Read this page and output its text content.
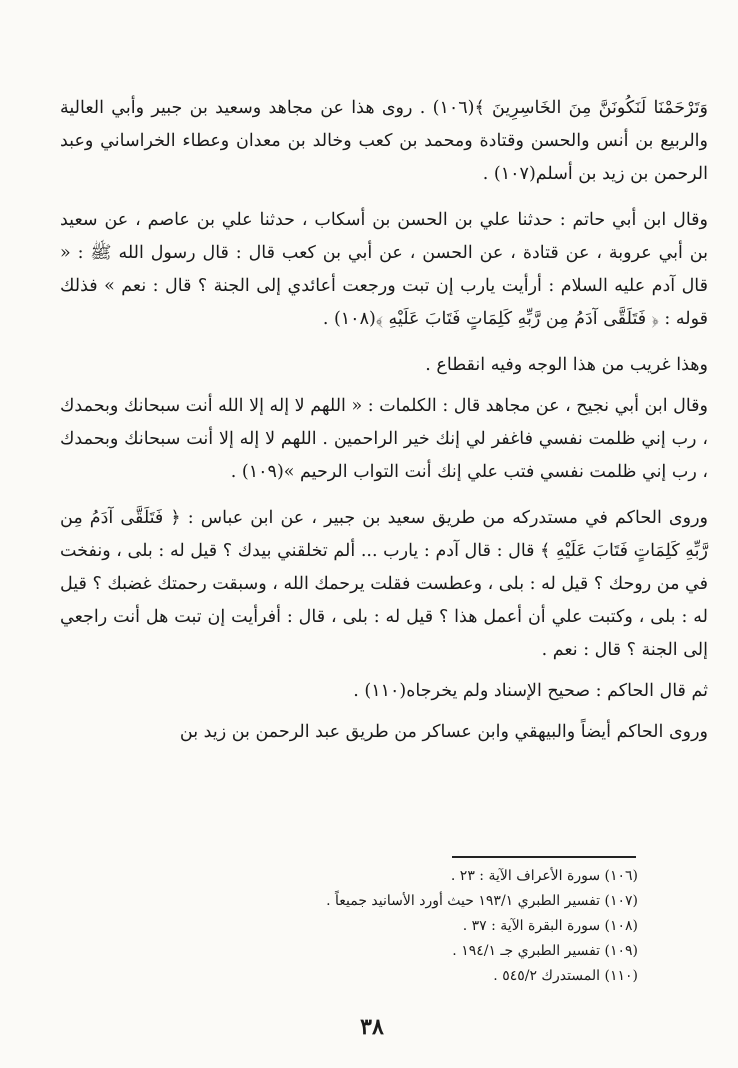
وَتَرْحَمْنَا لَنَكُونَنَّ مِنَ الخَاسِرِينَ ﴾(١٠٦) . روى هذا عن مجاهد وسعيد بن جبير وأبي العالية والربيع بن أنس والحسن وقتادة ومحمد بن كعب وخالد بن معدان وعطاء الخراساني وعبد الرحمن بن زيد بن أسلم(١٠٧) .

وقال ابن أبي حاتم : حدثنا علي بن الحسن بن أسكاب ، حدثنا علي بن عاصم ، عن سعيد بن أبي عروبة ، عن قتادة ، عن الحسن ، عن أبي بن كعب قال : قال رسول الله ﷺ : « قال آدم عليه السلام : أرأيت يارب إن تبت ورجعت أعائدي إلى الجنة ؟ قال : نعم » فذلك قوله : ﴿ فَتَلَقَّى آدَمُ مِن رَّبِّهِ كَلِمَاتٍ فَتَابَ عَلَيْهِ ﴾(١٠٨) .

وهذا غريب من هذا الوجه وفيه انقطاع .

وقال ابن أبي نجيح ، عن مجاهد قال : الكلمات : « اللهم لا إله إلا الله أنت سبحانك وبحمدك ، رب إني ظلمت نفسي فاغفر لي إنك خير الراحمين . اللهم لا إله إلا أنت سبحانك وبحمدك ، رب إني ظلمت نفسي فتب علي إنك أنت التواب الرحيم »(١٠٩) .

وروى الحاكم في مستدركه من طريق سعيد بن جبير ، عن ابن عباس : ﴿ فَتَلَقَّى آدَمُ مِن رَّبِّهِ كَلِمَاتٍ فَتَابَ عَلَيْهِ ﴾ قال : قال آدم : يارب ... ألم تخلقني بيدك ؟ قيل له : بلى ، ونفخت في من روحك ؟ قيل له : بلى ، وعطست فقلت يرحمك الله ، وسبقت رحمتك غضبك ؟ قيل له : بلى ، وكتبت علي أن أعمل هذا ؟ قيل له : بلى ، قال : أفرأيت إن تبت هل أنت راجعي إلى الجنة ؟ قال : نعم .

ثم قال الحاكم : صحيح الإسناد ولم يخرجاه(١١٠) .

وروى الحاكم أيضاً والبيهقي وابن عساكر من طريق عبد الرحمن بن زيد بن

(١٠٦) سورة الأعراف الآية : ٢٣ .
(١٠٧) تفسير الطبري ١٩٣/١ حيث أورد الأسانيد جميعاً .
(١٠٨) سورة البقرة الآية : ٣٧ .
(١٠٩) تفسير الطبري جـ ١٩٤/١ .
(١١٠) المستدرك ٥٤٥/٢ .
٣٨
